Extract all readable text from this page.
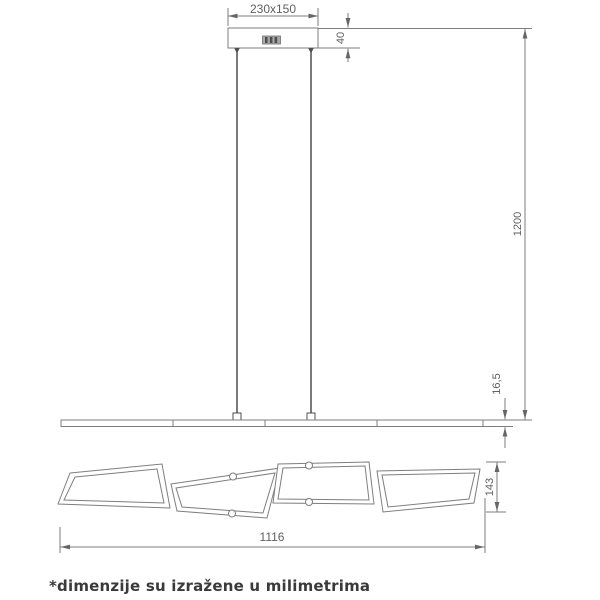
230x150
40
1200
16,5
143
1116
*dimenzije su izražene u milimetrima
